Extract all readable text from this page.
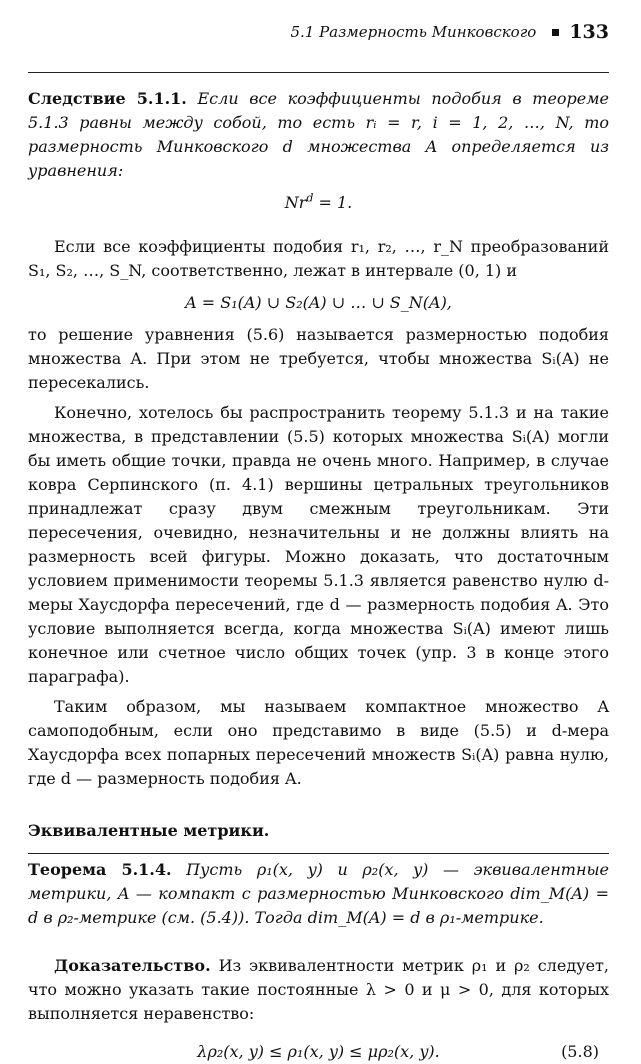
5.1 Размерность Минковского 133

Следствие 5.1.1. Если все коэффициенты подобия в теореме 5.1.3 равны между собой, то есть rᵢ = r, i = 1, 2, …, N, то размерность Минковского d множества A определяется из уравнения:

$Nr^d = 1$.

Если все коэффициенты подобия r₁, r₂, …, r_N преобразований S₁, S₂, …, S_N, соответственно, лежат в интервале (0, 1) и

A = S₁(A) ∪ S₂(A) ∪ … ∪ S_N(A),

то решение уравнения (5.6) называется размерностью подобия множества A. При этом не требуется, чтобы множества Sᵢ(A) не пересекались.

Конечно, хотелось бы распространить теорему 5.1.3 и на такие множества, в представлении (5.5) которых множества Sᵢ(A) могли бы иметь общие точки, правда не очень много. Например, в случае ковра Серпинского (п. 4.1) вершины цетральных треугольников принадлежат сразу двум смежным треугольникам. Эти пересечения, очевидно, незначительны и не должны влиять на размерность всей фигуры. Можно доказать, что достаточным условием применимости теоремы 5.1.3 является равенство нулю d-меры Хаусдорфа пересечений, где d — размерность подобия A. Это условие выполняется всегда, когда множества Sᵢ(A) имеют лишь конечное или счетное число общих точек (упр. 3 в конце этого параграфа).

Таким образом, мы называем компактное множество A самоподобным, если оно представимо в виде (5.5) и d-мера Хаусдорфа всех попарных пересечений множеств Sᵢ(A) равна нулю, где d — размерность подобия A.

Эквивалентные метрики.

Теорема 5.1.4. Пусть ρ₁(x, y) и ρ₂(x, y) — эквивалентные метрики, A — компакт с размерностью Минковского dim_M(A) = d в ρ₂-метрике (см. (5.4)). Тогда dim_M(A) = d в ρ₁-метрике.

Доказательство. Из эквивалентности метрик ρ₁ и ρ₂ следует, что можно указать такие постоянные λ > 0 и μ > 0, для которых выполняется неравенство:

λρ₂(x, y) ≤ ρ₁(x, y) ≤ μρ₂(x, y).	(5.8)
